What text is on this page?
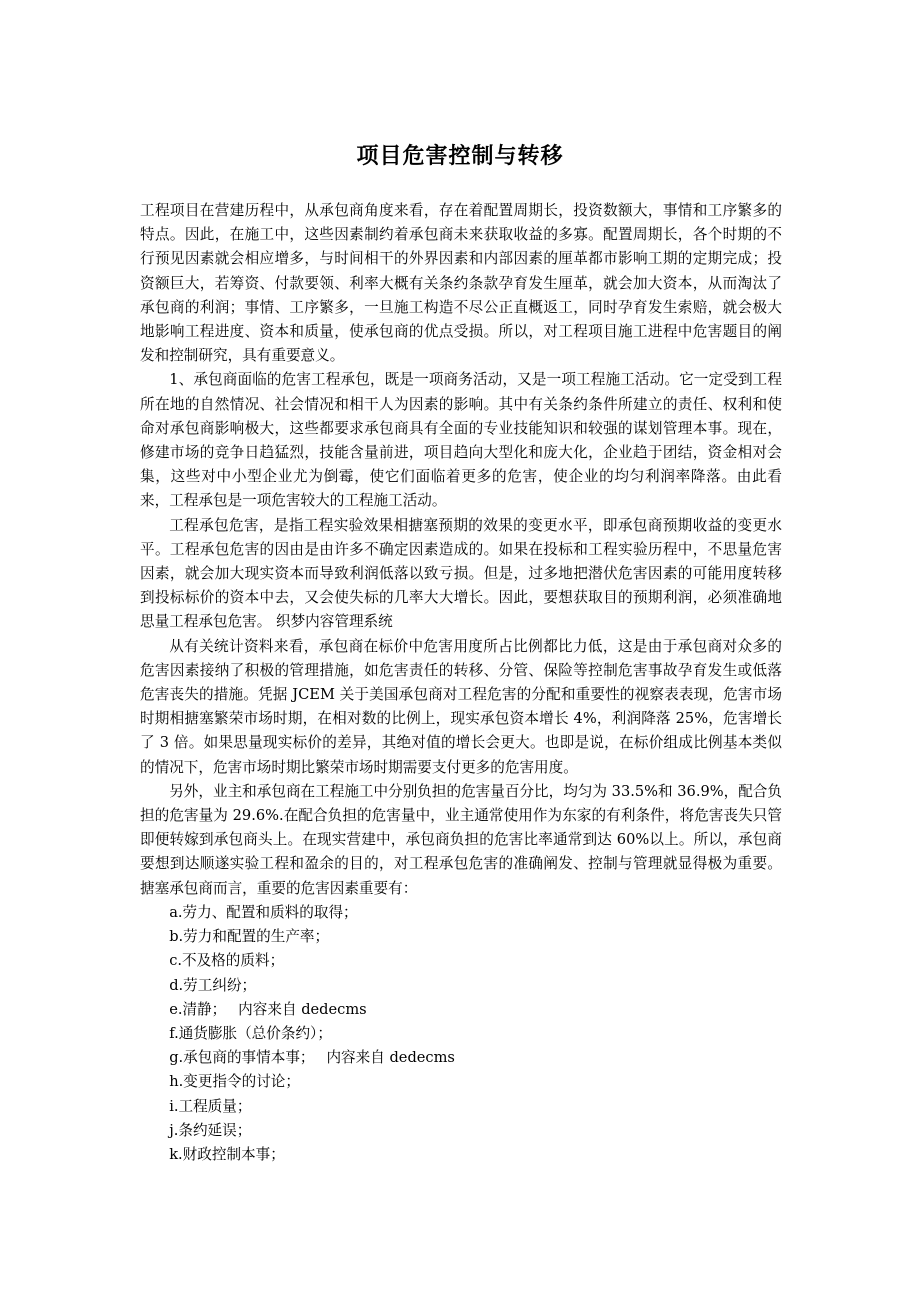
项目危害控制与转移

工程项目在营建历程中，从承包商角度来看，存在着配置周期长，投资数额大，事情和工序繁多的特点。因此，在施工中，这些因素制约着承包商未来获取收益的多寡。配置周期长，各个时期的不行预见因素就会相应增多，与时间相干的外界因素和内部因素的厘革都市影响工期的定期完成；投资额巨大，若筹资、付款要领、利率大概有关条约条款孕育发生厘革，就会加大资本，从而淘汰了承包商的利润；事情、工序繁多，一旦施工构造不尽公正直概返工，同时孕育发生索赔，就会极大地影响工程进度、资本和质量，使承包商的优点受损。所以，对工程项目施工进程中危害题目的阐发和控制研究，具有重要意义。

1、承包商面临的危害工程承包，既是一项商务活动，又是一项工程施工活动。它一定受到工程所在地的自然情况、社会情况和相干人为因素的影响。其中有关条约条件所建立的责任、权利和使命对承包商影响极大，这些都要求承包商具有全面的专业技能知识和较强的谋划管理本事。现在，修建市场的竞争日趋猛烈，技能含量前进，项目趋向大型化和庞大化，企业趋于团结，资金相对会集，这些对中小型企业尤为倒霉，使它们面临着更多的危害，使企业的均匀利润率降落。由此看来，工程承包是一项危害较大的工程施工活动。

工程承包危害，是指工程实验效果相搪塞预期的效果的变更水平，即承包商预期收益的变更水平。工程承包危害的因由是由许多不确定因素造成的。如果在投标和工程实验历程中，不思量危害因素，就会加大现实资本而导致利润低落以致亏损。但是，过多地把潜伏危害因素的可能用度转移到投标标价的资本中去，又会使失标的几率大大增长。因此，要想获取目的预期利润，必须准确地思量工程承包危害。 织梦内容管理系统

从有关统计资料来看，承包商在标价中危害用度所占比例都比力低，这是由于承包商对众多的危害因素接纳了积极的管理措施，如危害责任的转移、分管、保险等控制危害事故孕育发生或低落危害丧失的措施。凭据 JCEM 关于美国承包商对工程危害的分配和重要性的视察表表现，危害市场时期相搪塞繁荣市场时期，在相对数的比例上，现实承包资本增长 4%，利润降落 25%，危害增长了 3 倍。如果思量现实标价的差异，其绝对值的增长会更大。也即是说，在标价组成比例基本类似的情况下，危害市场时期比繁荣市场时期需要支付更多的危害用度。

另外，业主和承包商在工程施工中分别负担的危害量百分比，均匀为 33.5%和 36.9%，配合负担的危害量为 29.6%.在配合负担的危害量中，业主通常使用作为东家的有利条件，将危害丧失只管即便转嫁到承包商头上。在现实营建中，承包商负担的危害比率通常到达 60%以上。所以，承包商要想到达顺遂实验工程和盈余的目的，对工程承包危害的准确阐发、控制与管理就显得极为重要。搪塞承包商而言，重要的危害因素重要有：

a.劳力、配置和质料的取得；

b.劳力和配置的生产率；

c.不及格的质料；

d.劳工纠纷；

e.清静；　 内容来自 dedecms

f.通货膨胀（总价条约）；

g.承包商的事情本事；　 内容来自 dedecms

h.变更指令的讨论；

i.工程质量；

j.条约延误；

k.财政控制本事；
